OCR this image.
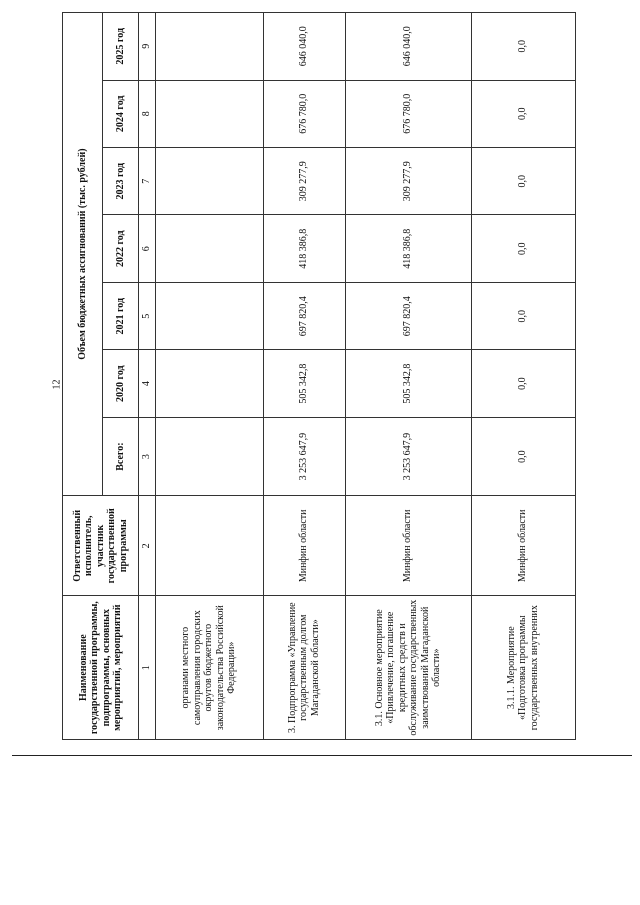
12
Наименование государственной программы, подпрограммы, основных мероприятий, мероприятий	Ответственный исполнитель, участник государственной программы	Объем бюджетных ассигнований (тыс. рублей)						
		Всего:	2020 год	2021 год	2022 год	2023 год	2024 год	2025 год
1	2	3	4	5	6	7	8	9
органами местного самоуправления городских округов бюджетного законодательства Российской Федерации»								
3. Подпрограмма «Управление государственным долгом Магаданской области»	Минфин области	3 253 647,9	505 342,8	697 820,4	418 386,8	309 277,9	676 780,0	646 040,0
3.1. Основное мероприятие «Привлечение, погашение кредитных средств и обслуживание государственных заимствований Магаданской области»	Минфин области	3 253 647,9	505 342,8	697 820,4	418 386,8	309 277,9	676 780,0	646 040,0
3.1.1. Мероприятие «Подготовка программы государственных внутренних	Минфин области	0,0	0,0	0,0	0,0	0,0	0,0	0,0
